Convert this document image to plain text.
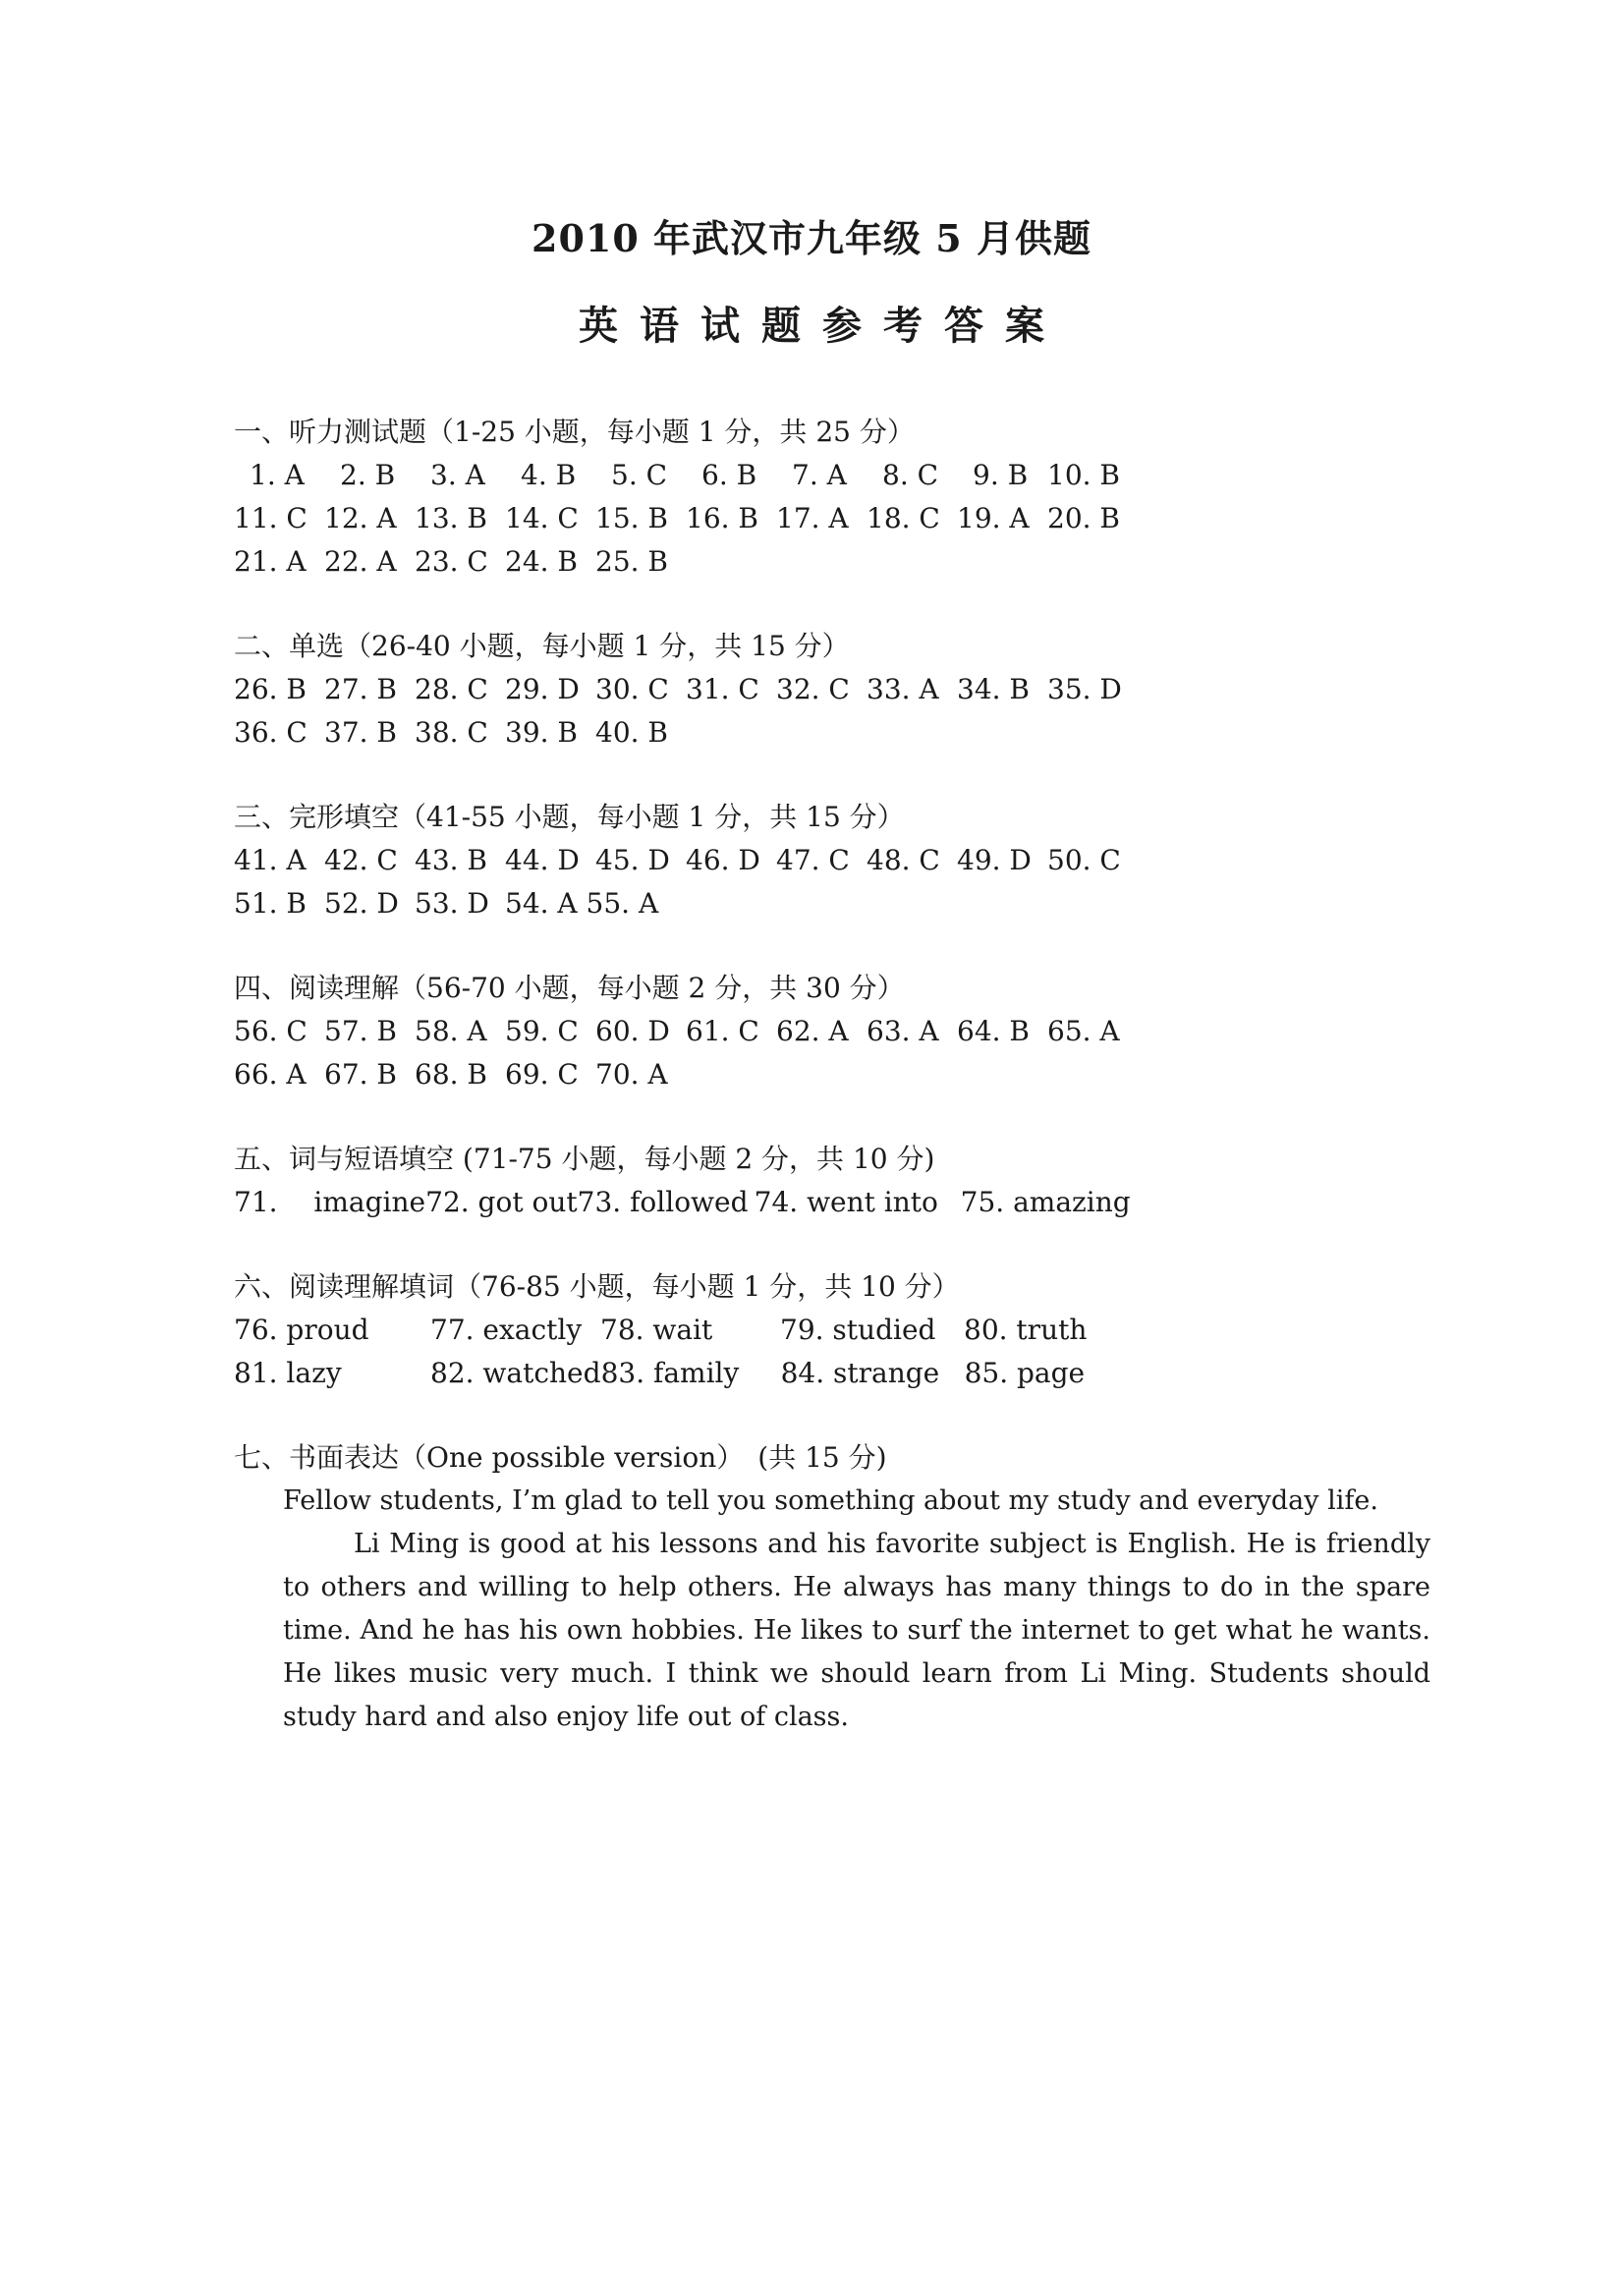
2010 年武汉市九年级 5 月供题
英语试题参考答案
一、听力测试题（1-25 小题，每小题 1 分，共 25 分）
1. A	2. B	3. A	4. B	5. C	6. B	7. A	8. C	9. B 10. B
11. C 12. A 13. B 14. C 15. B 16. B 17. A 18. C 19. A 20. B
21. A 22. A 23. C 24. B 25. B
二、单选（26-40 小题，每小题 1 分，共 15 分）
26. B 27. B 28. C 29. D 30. C 31. C 32. C 33. A 34. B 35. D
36. C 37. B 38. C 39. B 40. B
三、完形填空（41-55 小题，每小题 1 分，共 15 分）
41. A 42. C 43. B 44. D 45. D 46. D 47. C 48. C 49. D 50. C
51. B 52. D 53. D 54. A 55. A
四、阅读理解（56-70 小题，每小题 2 分，共 30 分）
56. C 57. B 58. A 59. C 60. D 61. C 62. A 63. A 64. B 65. A
66. A 67. B 68. B 69. C 70. A
五、词与短语填空 (71-75 小题，每小题 2 分，共 10 分)
71.　 imagine 72. got out 73. followed 74. went into 75. amazing
六、阅读理解填词（76-85 小题，每小题 1 分，共 10 分）
76. proud	77. exactly 78. wait	79. studied	80. truth
81. lazy	82. watched 83. family	84. strange 85. page
七、书面表达（One possible version）　(共 15 分)
Fellow students, I’m glad to tell you something about my study and everyday life.
Li Ming is good at his lessons and his favorite subject is English. He is friendly to others and willing to help others. He always has many things to do in the spare time. And he has his own hobbies. He likes to surf the internet to get what he wants. He likes music very much. I think we should learn from Li Ming. Students should study hard and also enjoy life out of class.
